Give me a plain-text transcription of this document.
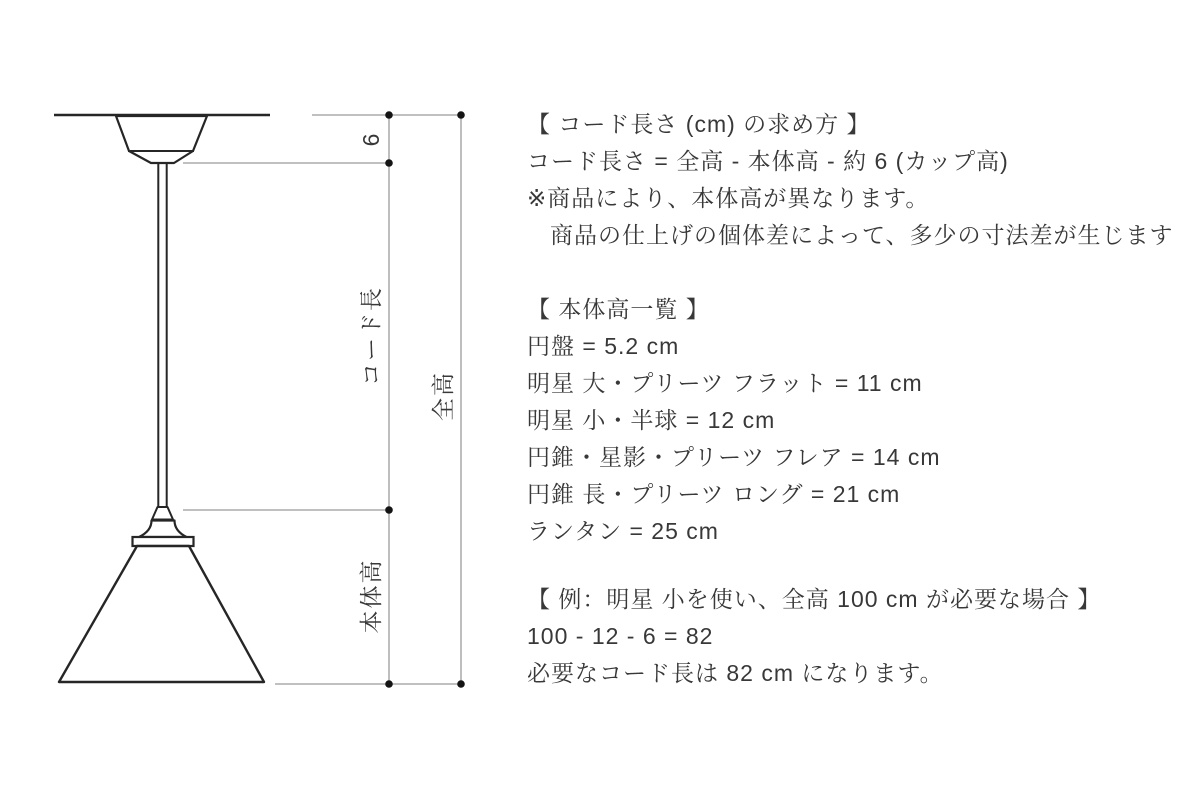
6
コード長
本体高
全高
【 コード長さ (cm) の求め方 】
コード長さ = 全高 - 本体高 - 約 6 (カップ高)
※商品により、本体高が異なります。
商品の仕上げの個体差によって、多少の寸法差が生じます
【 本体高一覧 】
円盤 = 5.2 cm
明星 大・プリーツ フラット = 11 cm
明星 小・半球 = 12 cm
円錐・星影・プリーツ フレア = 14 cm
円錐 長・プリーツ ロング = 21 cm
ランタン = 25 cm
【 例：明星 小を使い、全高 100 cm が必要な場合 】
100 - 12 - 6 = 82
必要なコード長は 82 cm になります。
